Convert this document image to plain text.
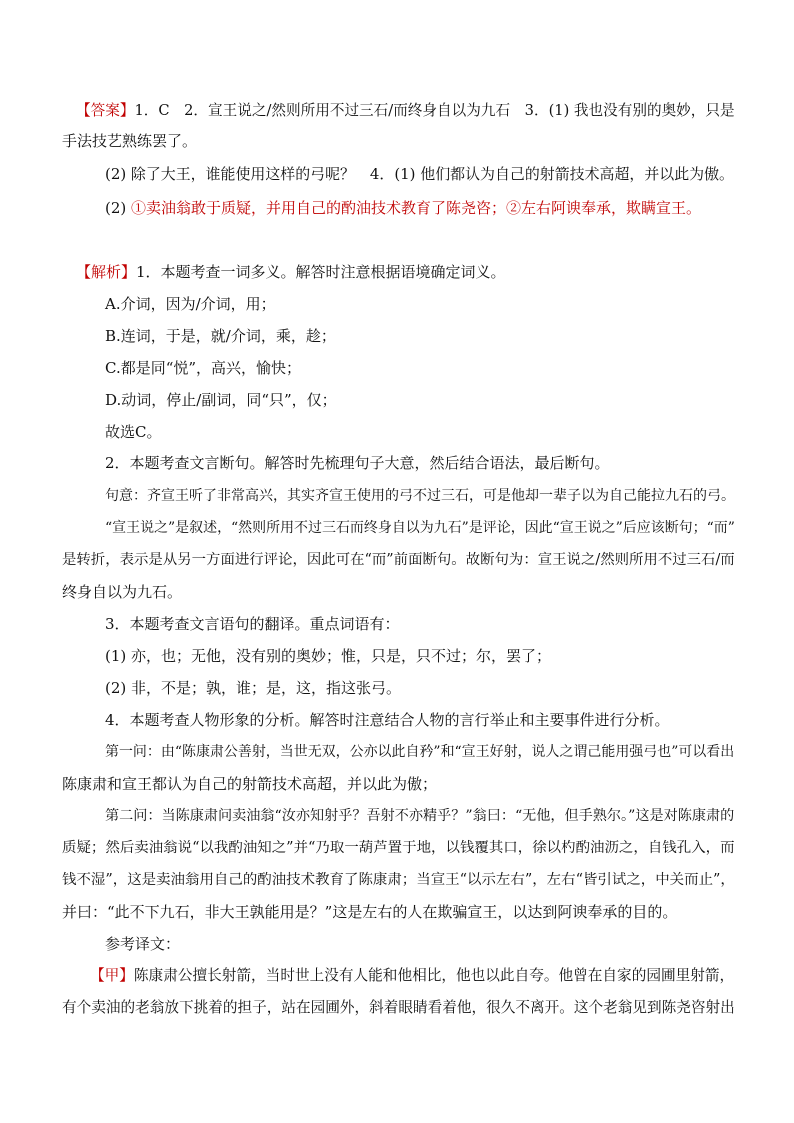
【答案】1．C　2．宣王说之/然则所用不过三石/而终身自以为九石　3．(1) 我也没有别的奥妙，只是

手法技艺熟练罢了。

(2) 除了大王，谁能使用这样的弓呢？　4．(1) 他们都认为自己的射箭技术高超，并以此为傲。

(2) ①卖油翁敢于质疑，并用自己的酌油技术教育了陈尧咨；②左右阿谀奉承，欺瞒宣王。

【解析】1．本题考查一词多义。解答时注意根据语境确定词义。

A.介词，因为/介词，用；

B.连词，于是，就/介词，乘，趁；

C.都是同“悦”，高兴，愉快；

D.动词，停止/副词，同“只”，仅；

故选C。

2．本题考查文言断句。解答时先梳理句子大意，然后结合语法，最后断句。

句意：齐宣王听了非常高兴，其实齐宣王使用的弓不过三石，可是他却一辈子以为自己能拉九石的弓。

“宣王说之”是叙述，“然则所用不过三石而终身自以为九石”是评论，因此“宣王说之”后应该断句；“而”

是转折，表示是从另一方面进行评论，因此可在“而”前面断句。故断句为：宣王说之/然则所用不过三石/而

终身自以为九石。

3．本题考查文言语句的翻译。重点词语有：

(1) 亦，也；无他，没有别的奥妙；惟，只是，只不过；尔，罢了；

(2) 非，不是；孰，谁；是，这，指这张弓。

4．本题考查人物形象的分析。解答时注意结合人物的言行举止和主要事件进行分析。

第一问：由“陈康肃公善射，当世无双，公亦以此自矜”和“宣王好射，说人之谓己能用强弓也”可以看出

陈康肃和宣王都认为自己的射箭技术高超，并以此为傲；

第二问：当陈康肃问卖油翁“汝亦知射乎？吾射不亦精乎？”翁曰：“无他，但手熟尔。”这是对陈康肃的

质疑；然后卖油翁说“以我酌油知之”并“乃取一葫芦置于地，以钱覆其口，徐以杓酌油沥之，自钱孔入，而

钱不湿”，这是卖油翁用自己的酌油技术教育了陈康肃；当宣王“以示左右”，左右“皆引试之，中关而止”，

并曰：“此不下九石，非大王孰能用是？”这是左右的人在欺骗宣王，以达到阿谀奉承的目的。

参考译文：

【甲】陈康肃公擅长射箭，当时世上没有人能和他相比，他也以此自夸。他曾在自家的园圃里射箭，

有个卖油的老翁放下挑着的担子，站在园圃外，斜着眼睛看着他，很久不离开。这个老翁见到陈尧咨射出
